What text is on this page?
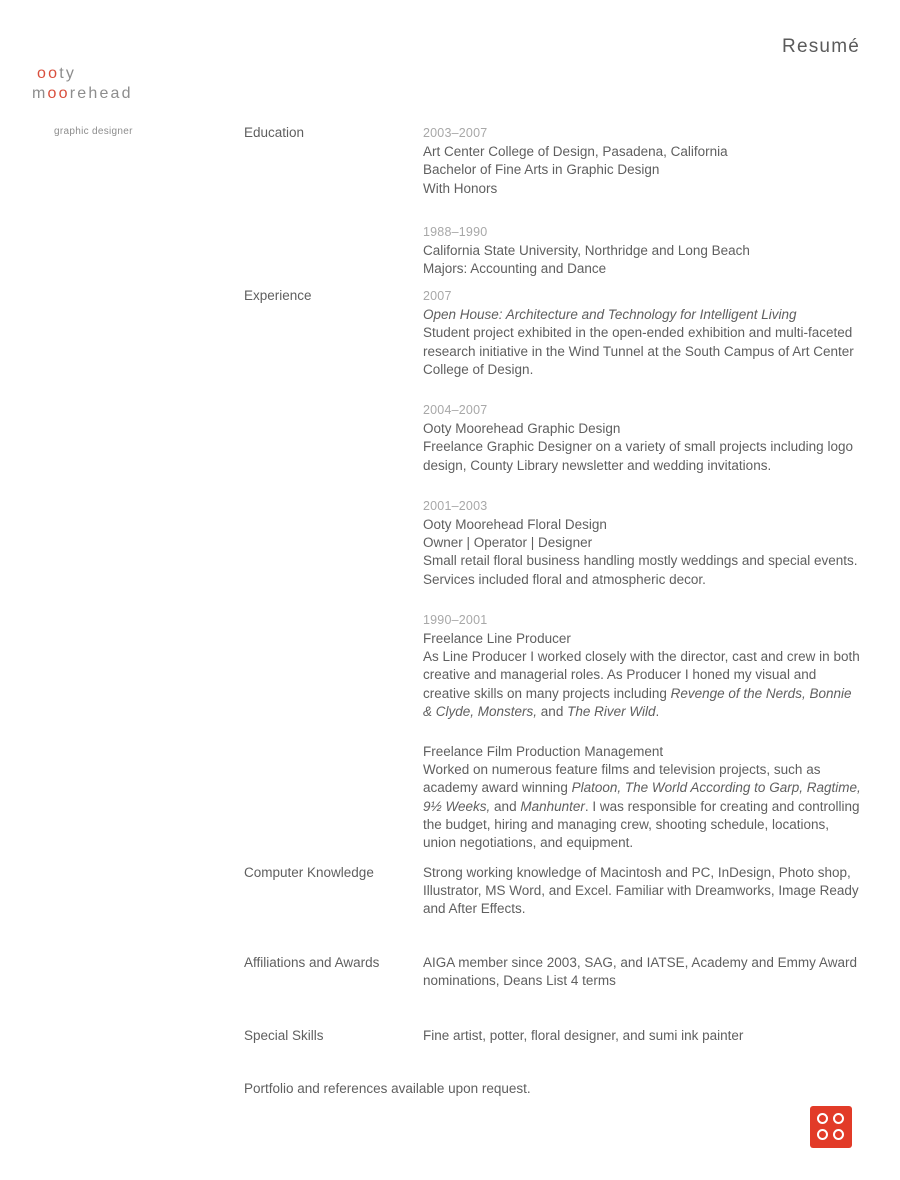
Resumé
ooty
moorehead
graphic designer	Education	2003–2007
Art Center College of Design, Pasadena, California
Bachelor of Fine Arts in Graphic Design
With Honors
1988–1990
California State University, Northridge and Long Beach
Majors: Accounting and Dance
Experience	2007
Open House: Architecture and Technology for Intelligent Living
Student project exhibited in the open-ended exhibition and multi-faceted research initiative in the Wind Tunnel at the South Campus of Art Center College of Design.
2004–2007
Ooty Moorehead Graphic Design
Freelance Graphic Designer on a variety of small projects including logo design, County Library newsletter and wedding invitations.
2001–2003
Ooty Moorehead Floral Design
Owner | Operator | Designer
Small retail floral business handling mostly weddings and special events. Services included floral and atmospheric decor.
1990–2001
Freelance Line Producer
As Line Producer I worked closely with the director, cast and crew in both creative and managerial roles. As Producer I honed my visual and creative skills on many projects including Revenge of the Nerds, Bonnie & Clyde, Monsters, and The River Wild.
Freelance Film Production Management
Worked on numerous feature films and television projects, such as academy award winning Platoon, The World According to Garp, Ragtime, 9½ Weeks, and Manhunter. I was responsible for creating and controlling the budget, hiring and managing crew, shooting schedule, locations, union negotiations, and equipment.
Computer Knowledge	Strong working knowledge of Macintosh and PC, InDesign, Photo shop, Illustrator, MS Word, and Excel. Familiar with Dreamworks, Image Ready and After Effects.
Affiliations and Awards	AIGA member since 2003, SAG, and IATSE, Academy and Emmy Award nominations, Deans List 4 terms
Special Skills	Fine artist, potter, floral designer, and sumi ink painter
Portfolio and references available upon request.
